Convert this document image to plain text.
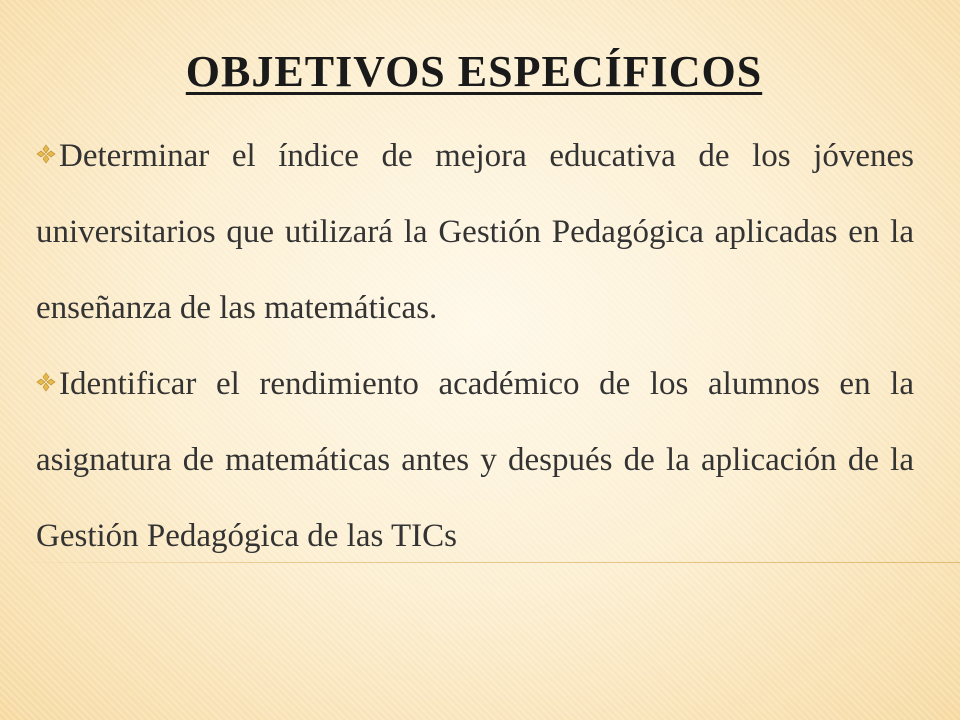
OBJETIVOS ESPECÍFICOS

Determinar el índice de mejora educativa de los jóvenes universitarios que utilizará la Gestión Pedagógica aplicadas en la enseñanza de las matemáticas.

Identificar el rendimiento académico de los alumnos en la asignatura de matemáticas antes y después de la aplicación de la Gestión Pedagógica de las TICs
